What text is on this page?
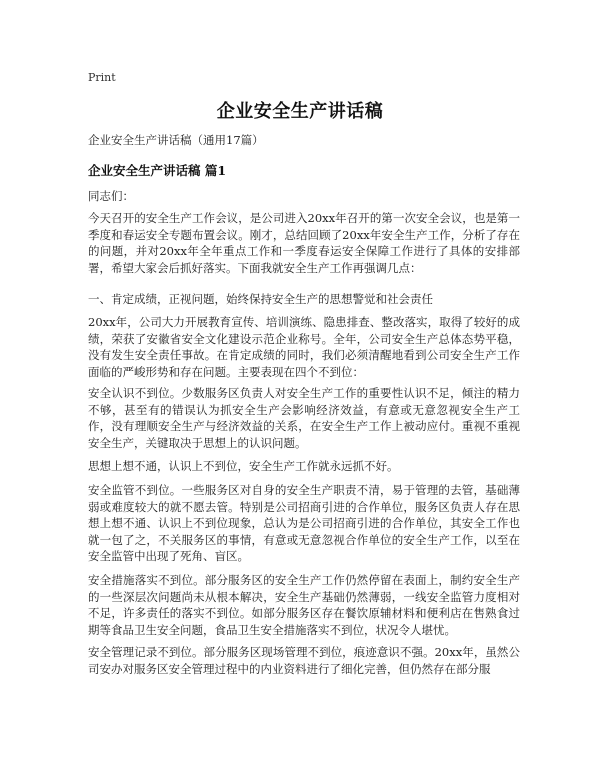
Print
企业安全生产讲话稿
企业安全生产讲话稿（通用17篇）
企业安全生产讲话稿 篇1

同志们：

今天召开的安全生产工作会议，是公司进入20xx年召开的第一次安全会议，也是第一季度和春运安全专题布置会议。刚才，总结回顾了20xx年安全生产工作，分析了存在的问题，并对20xx年全年重点工作和一季度春运安全保障工作进行了具体的安排部署，希望大家会后抓好落实。下面我就安全生产工作再强调几点：

一、肯定成绩，正视问题，始终保持安全生产的思想警觉和社会责任

20xx年，公司大力开展教育宣传、培训演练、隐患排查、整改落实，取得了较好的成绩，荣获了安徽省安全文化建设示范企业称号。全年，公司安全生产总体态势平稳，没有发生安全责任事故。在肯定成绩的同时，我们必须清醒地看到公司安全生产工作面临的严峻形势和存在问题。主要表现在四个不到位：

安全认识不到位。少数服务区负责人对安全生产工作的重要性认识不足，倾注的精力不够，甚至有的错误认为抓安全生产会影响经济效益，有意或无意忽视安全生产工作，没有理顺安全生产与经济效益的关系，在安全生产工作上被动应付。重视不重视安全生产，关键取决于思想上的认识问题。

思想上想不通，认识上不到位，安全生产工作就永远抓不好。

安全监管不到位。一些服务区对自身的安全生产职责不清，易于管理的去管，基础薄弱或难度较大的就不愿去管。特别是公司招商引进的合作单位，服务区负责人存在思想上想不通、认识上不到位现象，总认为是公司招商引进的合作单位，其安全工作也就一包了之，不关服务区的事情，有意或无意忽视合作单位的安全生产工作，以至在安全监管中出现了死角、盲区。

安全措施落实不到位。部分服务区的安全生产工作仍然停留在表面上，制约安全生产的一些深层次问题尚未从根本解决，安全生产基础仍然薄弱，一线安全监管力度相对不足，许多责任的落实不到位。如部分服务区存在餐饮原辅材料和便利店在售熟食过期等食品卫生安全问题，食品卫生安全措施落实不到位，状况令人堪忧。

安全管理记录不到位。部分服务区现场管理不到位，痕迹意识不强。20xx年，虽然公司安办对服务区安全管理过程中的内业资料进行了细化完善，但仍然存在部分服
